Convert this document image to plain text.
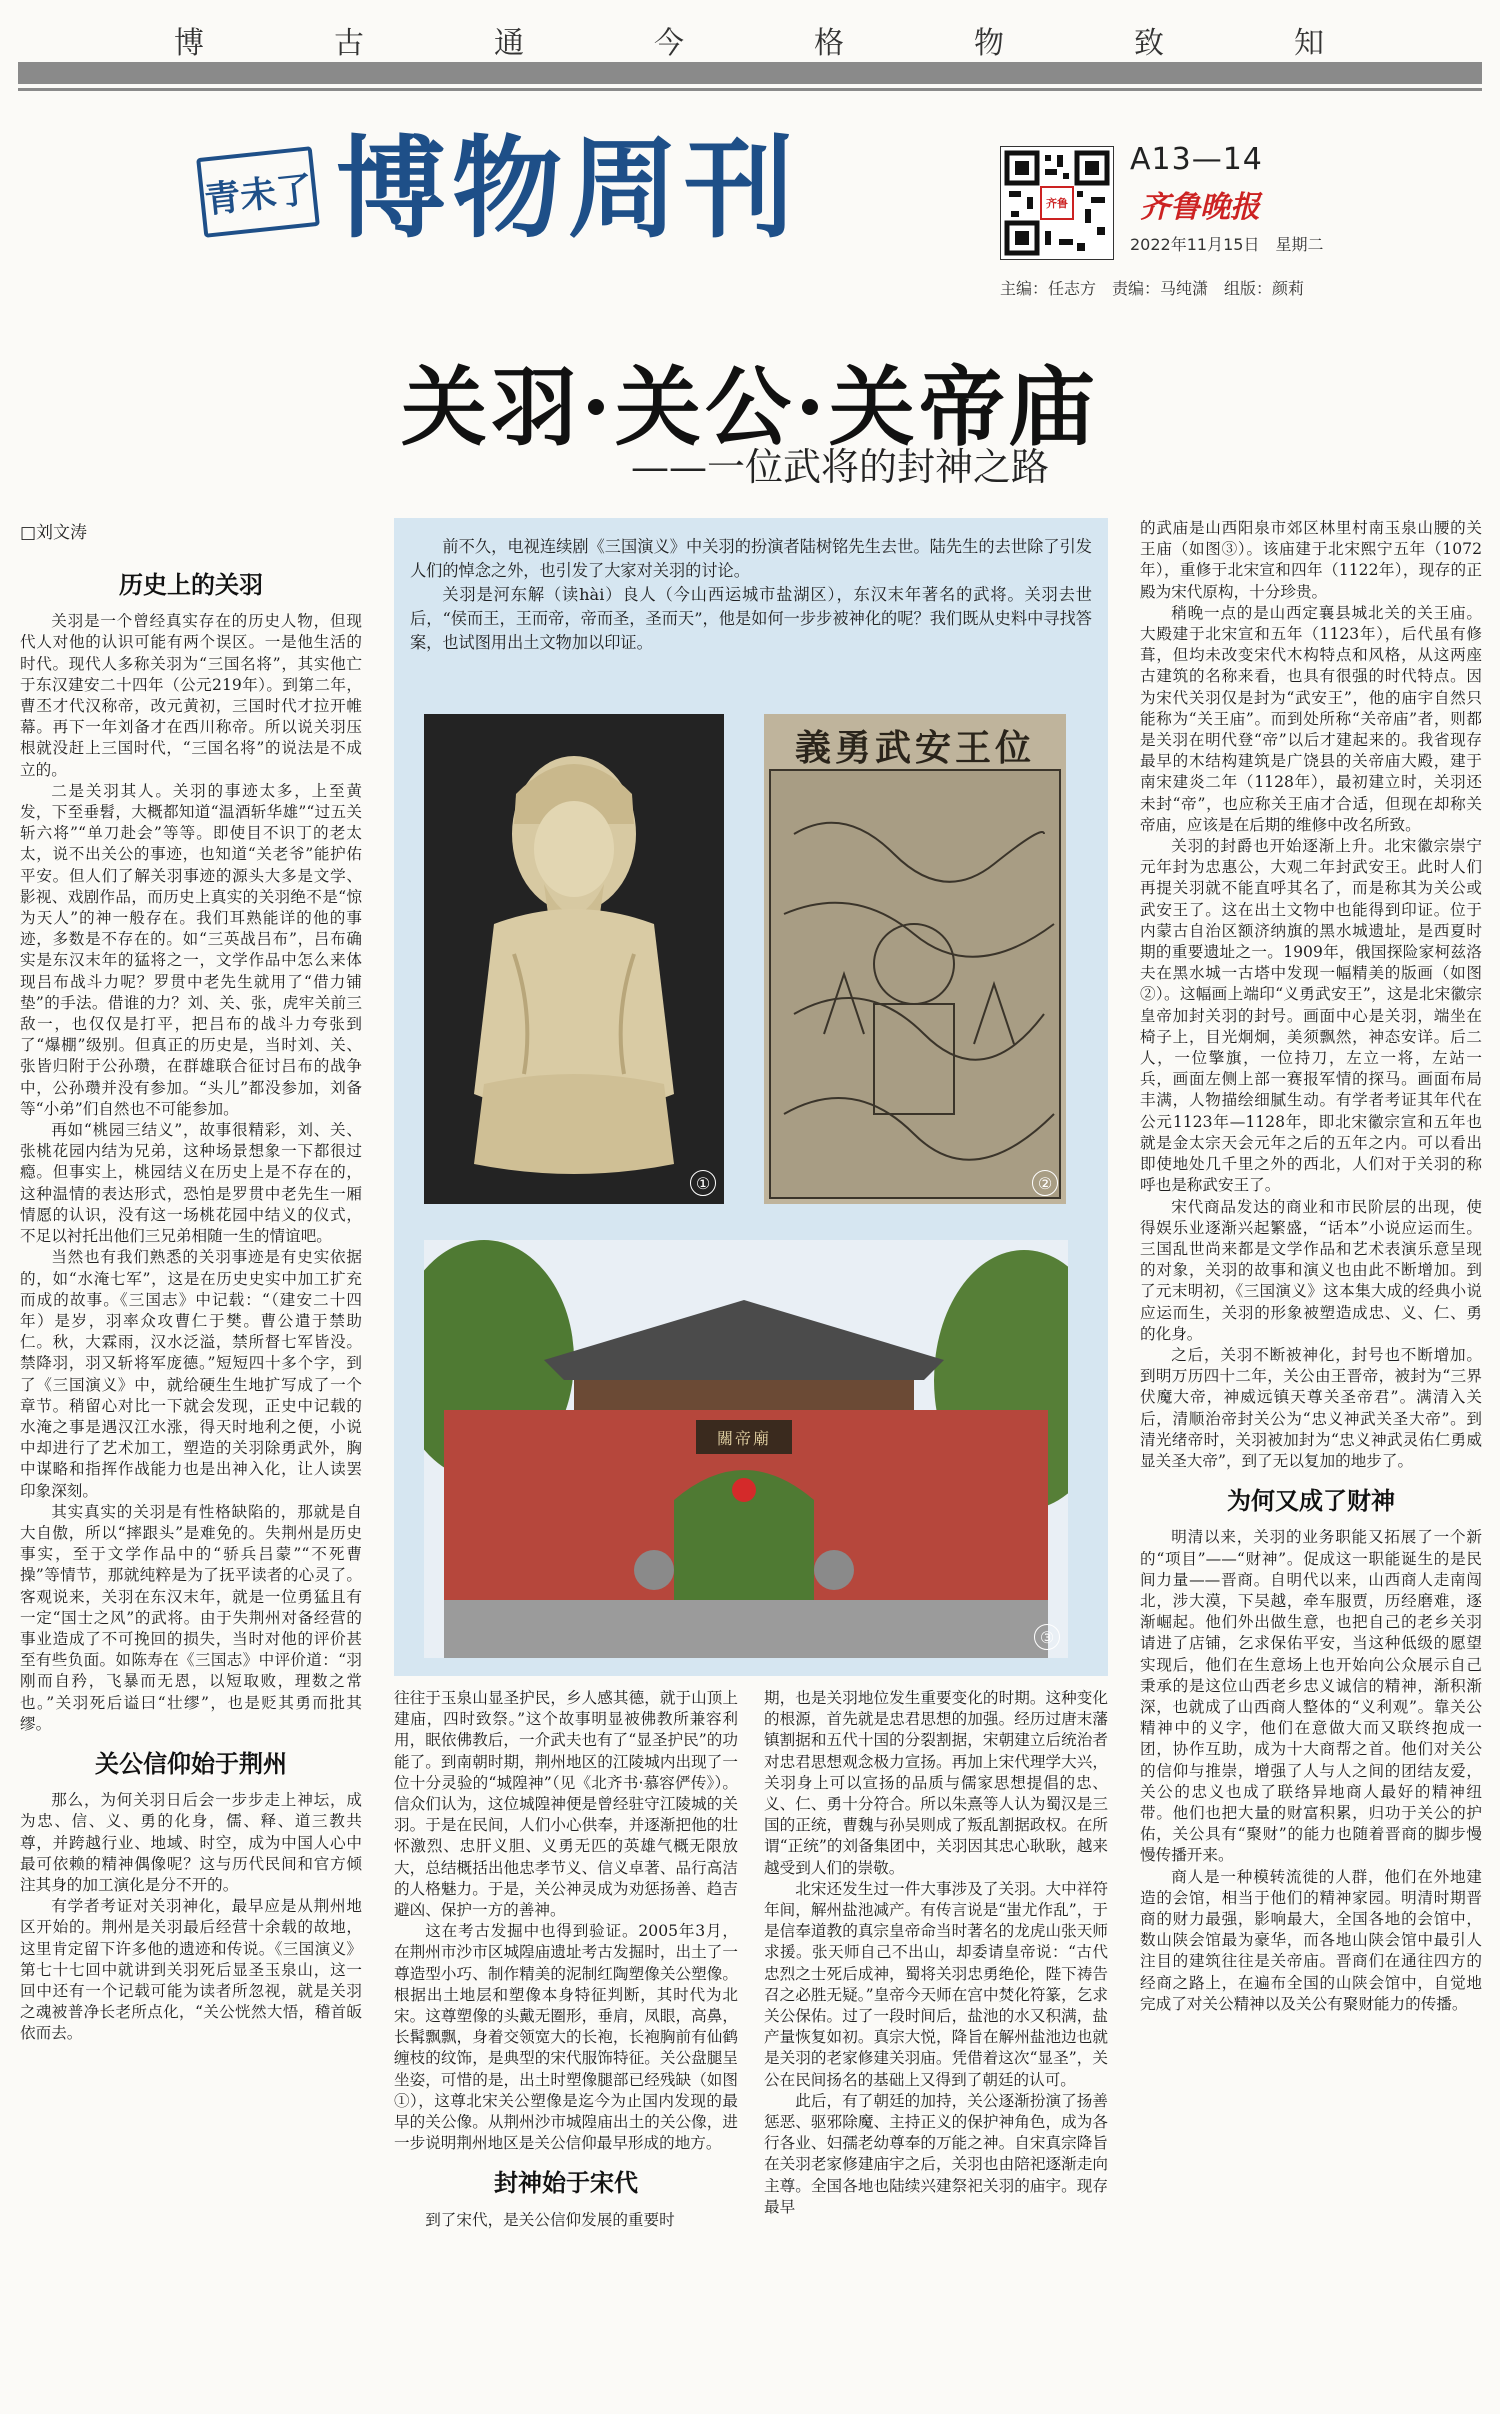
博	古	通	今	格	物	致	知
青未了 博物周刊	齐鲁
A13—14
齐鲁晚报
2022年11月15日　星期二
主编：任志方　责编：马纯潇　组版：颜莉
关羽·关公·关帝庙
——一位武将的封神之路
□刘文涛
历史上的关羽

关羽是一个曾经真实存在的历史人物，但现代人对他的认识可能有两个误区。一是他生活的时代。现代人多称关羽为“三国名将”，其实他亡于东汉建安二十四年（公元219年）。到第二年，曹丕才代汉称帝，改元黄初，三国时代才拉开帷幕。再下一年刘备才在西川称帝。所以说关羽压根就没赶上三国时代，“三国名将”的说法是不成立的。

二是关羽其人。关羽的事迹太多，上至黄发，下至垂髫，大概都知道“温酒斩华雄”“过五关斩六将”“单刀赴会”等等。即使目不识丁的老太太，说不出关公的事迹，也知道“关老爷”能护佑平安。但人们了解关羽事迹的源头大多是文学、影视、戏剧作品，而历史上真实的关羽绝不是“惊为天人”的神一般存在。我们耳熟能详的他的事迹，多数是不存在的。如“三英战吕布”，吕布确实是东汉末年的猛将之一，文学作品中怎么来体现吕布战斗力呢？罗贯中老先生就用了“借力铺垫”的手法。借谁的力？刘、关、张，虎牢关前三敌一，也仅仅是打平，把吕布的战斗力夸张到了“爆棚”级别。但真正的历史是，当时刘、关、张皆归附于公孙瓒，在群雄联合征讨吕布的战争中，公孙瓒并没有参加。“头儿”都没参加，刘备等“小弟”们自然也不可能参加。

再如“桃园三结义”，故事很精彩，刘、关、张桃花园内结为兄弟，这种场景想象一下都很过瘾。但事实上，桃园结义在历史上是不存在的，这种温情的表达形式，恐怕是罗贯中老先生一厢情愿的认识，没有这一场桃花园中结义的仪式，不足以衬托出他们三兄弟相随一生的情谊吧。

当然也有我们熟悉的关羽事迹是有史实依据的，如“水淹七军”，这是在历史史实中加工扩充而成的故事。《三国志》中记载：“（建安二十四年）是岁，羽率众攻曹仁于樊。曹公遣于禁助仁。秋，大霖雨，汉水泛溢，禁所督七军皆没。禁降羽，羽又斩将军庞德。”短短四十多个字，到了《三国演义》中，就给硬生生地扩写成了一个章节。稍留心对比一下就会发现，正史中记载的水淹之事是遇汉江水涨，得天时地利之便，小说中却进行了艺术加工，塑造的关羽除勇武外，胸中谋略和指挥作战能力也是出神入化，让人读罢印象深刻。

其实真实的关羽是有性格缺陷的，那就是自大自傲，所以“摔跟头”是难免的。失荆州是历史事实，至于文学作品中的“骄兵吕蒙”“不死曹操”等情节，那就纯粹是为了抚平读者的心灵了。客观说来，关羽在东汉末年，就是一位勇猛且有一定“国士之风”的武将。由于失荆州对备经营的事业造成了不可挽回的损失，当时对他的评价甚至有些负面。如陈寿在《三国志》中评价道：“羽刚而自矜，飞暴而无恩，以短取败，理数之常也。”关羽死后谥曰“壮缪”，也是贬其勇而批其缪。

关公信仰始于荆州

那么，为何关羽日后会一步步走上神坛，成为忠、信、义、勇的化身，儒、释、道三教共尊，并跨越行业、地域、时空，成为中国人心中最可依赖的精神偶像呢？这与历代民间和官方倾注其身的加工演化是分不开的。

有学者考证对关羽神化，最早应是从荆州地区开始的。荆州是关羽最后经营十余载的故地，这里肯定留下许多他的遗迹和传说。《三国演义》第七十七回中就讲到关羽死后显圣玉泉山，这一回中还有一个记载可能为读者所忽视，就是关羽之魂被普净长老所点化，“关公恍然大悟，稽首皈依而去。

前不久，电视连续剧《三国演义》中关羽的扮演者陆树铭先生去世。陆先生的去世除了引发人们的悼念之外，也引发了大家对关羽的讨论。

关羽是河东解（读hài）良人（今山西运城市盐湖区），东汉末年著名的武将。关羽去世后，“侯而王，王而帝，帝而圣，圣而天”，他是如何一步步被神化的呢？我们既从史料中寻找答案，也试图用出土文物加以印证。

①
義勇武安王位
②
關帝廟
③

往往于玉泉山显圣护民，乡人感其德，就于山顶上建庙，四时致祭。”这个故事明显被佛教所兼容利用，眠依佛教后，一介武夫也有了“显圣护民”的功能了。到南朝时期，荆州地区的江陵城内出现了一位十分灵验的“城隍神”（见《北齐书·慕容俨传》）。信众们认为，这位城隍神便是曾经驻守江陵城的关羽。于是在民间，人们小心供奉，并逐渐把他的壮怀激烈、忠肝义胆、义勇无匹的英雄气概无限放大，总结概括出他忠孝节义、信义卓著、品行高洁的人格魅力。于是，关公神灵成为劝惩扬善、趋吉避凶、保护一方的善神。

这在考古发掘中也得到验证。2005年3月，在荆州市沙市区城隍庙遗址考古发掘时，出土了一尊造型小巧、制作精美的泥制红陶塑像关公塑像。根据出土地层和塑像本身特征判断，其时代为北宋。这尊塑像的头戴无圈形，垂肩，凤眼，高鼻，长髯飘飘，身着交领宽大的长袍，长袍胸前有仙鹤缠枝的纹饰，是典型的宋代服饰特征。关公盘腿呈坐姿，可惜的是，出土时塑像腿部已经残缺（如图①），这尊北宋关公塑像是迄今为止国内发现的最早的关公像。从荆州沙市城隍庙出土的关公像，进一步说明荆州地区是关公信仰最早形成的地方。

封神始于宋代

到了宋代，是关公信仰发展的重要时

期，也是关羽地位发生重要变化的时期。这种变化的根源，首先就是忠君思想的加强。经历过唐末藩镇割据和五代十国的分裂割据，宋朝建立后统治者对忠君思想观念极力宣扬。再加上宋代理学大兴，关羽身上可以宣扬的品质与儒家思想提倡的忠、义、仁、勇十分符合。所以朱熹等人认为蜀汉是三国的正统，曹魏与孙吴则成了叛乱割据政权。在所谓“正统”的刘备集团中，关羽因其忠心耿耿，越来越受到人们的崇敬。

北宋还发生过一件大事涉及了关羽。大中祥符年间，解州盐池减产。有传言说是“蚩尤作乱”，于是信奉道教的真宗皇帝命当时著名的龙虎山张天师求援。张天师自己不出山，却委请皇帝说：“古代忠烈之士死后成神，蜀将关羽忠勇绝伦，陛下祷告召之必胜无疑。”皇帝今天师在宫中焚化符篆，乞求关公保佑。过了一段时间后，盐池的水又积满，盐产量恢复如初。真宗大悦，降旨在解州盐池边也就是关羽的老家修建关羽庙。凭借着这次“显圣”，关公在民间扬名的基础上又得到了朝廷的认可。

此后，有了朝廷的加持，关公逐渐扮演了扬善惩恶、驱邪除魔、主持正义的保护神角色，成为各行各业、妇孺老幼尊奉的万能之神。自宋真宗降旨在关羽老家修建庙宇之后，关羽也由陪祀逐渐走向主尊。全国各地也陆续兴建祭祀关羽的庙宇。现存最早

的武庙是山西阳泉市郊区林里村南玉泉山腰的关王庙（如图③）。该庙建于北宋熙宁五年（1072年），重修于北宋宣和四年（1122年），现存的正殿为宋代原构，十分珍贵。

稍晚一点的是山西定襄县城北关的关王庙。大殿建于北宋宣和五年（1123年），后代虽有修葺，但均未改变宋代木构特点和风格，从这两座古建筑的名称来看，也具有很强的时代特点。因为宋代关羽仅是封为“武安王”，他的庙宇自然只能称为“关王庙”。而到处所称“关帝庙”者，则都是关羽在明代登“帝”以后才建起来的。我省现存最早的木结构建筑是广饶县的关帝庙大殿，建于南宋建炎二年（1128年），最初建立时，关羽还未封“帝”，也应称关王庙才合适，但现在却称关帝庙，应该是在后期的维修中改名所致。

关羽的封爵也开始逐渐上升。北宋徽宗崇宁元年封为忠惠公，大观二年封武安王。此时人们再提关羽就不能直呼其名了，而是称其为关公或武安王了。这在出土文物中也能得到印证。位于内蒙古自治区额济纳旗的黑水城遗址，是西夏时期的重要遗址之一。1909年，俄国探险家柯兹洛夫在黑水城一古塔中发现一幅精美的版画（如图②）。这幅画上端印“义勇武安王”，这是北宋徽宗皇帝加封关羽的封号。画面中心是关羽，端坐在椅子上，目光炯炯，美须飘然，神态安详。后二人，一位擎旗，一位持刀，左立一将，左站一兵，画面左侧上部一赛报军情的探马。画面布局丰满，人物描绘细腻生动。有学者考证其年代在公元1123年—1128年，即北宋徽宗宣和五年也就是金太宗天会元年之后的五年之内。可以看出即使地处几千里之外的西北，人们对于关羽的称呼也是称武安王了。

宋代商品发达的商业和市民阶层的出现，使得娱乐业逐渐兴起繁盛，“话本”小说应运而生。三国乱世尚来都是文学作品和艺术表演乐意呈现的对象，关羽的故事和演义也由此不断增加。到了元末明初，《三国演义》这本集大成的经典小说应运而生，关羽的形象被塑造成忠、义、仁、勇的化身。

之后，关羽不断被神化，封号也不断增加。到明万历四十二年，关公由王晋帝，被封为“三界伏魔大帝，神威远镇天尊关圣帝君”。满清入关后，清顺治帝封关公为“忠义神武关圣大帝”。到清光绪帝时，关羽被加封为“忠义神武灵佑仁勇威显关圣大帝”，到了无以复加的地步了。

为何又成了财神

明清以来，关羽的业务职能又拓展了一个新的“项目”——“财神”。促成这一职能诞生的是民间力量——晋商。自明代以来，山西商人走南闯北，涉大漠，下吴越，牵车服贾，历经磨难，逐渐崛起。他们外出做生意，也把自己的老乡关羽请进了店铺，乞求保佑平安，当这种低级的愿望实现后，他们在生意场上也开始向公众展示自己秉承的是这位山西老乡忠义诚信的精神，渐积渐深，也就成了山西商人整体的“义利观”。靠关公精神中的义字，他们在意做大而又联终抱成一团，协作互助，成为十大商帮之首。他们对关公的信仰与推崇，增强了人与人之间的团结友爱，关公的忠义也成了联络异地商人最好的精神纽带。他们也把大量的财富积累，归功于关公的护佑，关公具有“聚财”的能力也随着晋商的脚步慢慢传播开来。

商人是一种模转流徙的人群，他们在外地建造的会馆，相当于他们的精神家园。明清时期晋商的财力最强，影响最大，全国各地的会馆中，数山陕会馆最为豪华，而各地山陕会馆中最引人注目的建筑往往是关帝庙。晋商们在通往四方的经商之路上，在遍布全国的山陕会馆中，自觉地完成了对关公精神以及关公有聚财能力的传播。
